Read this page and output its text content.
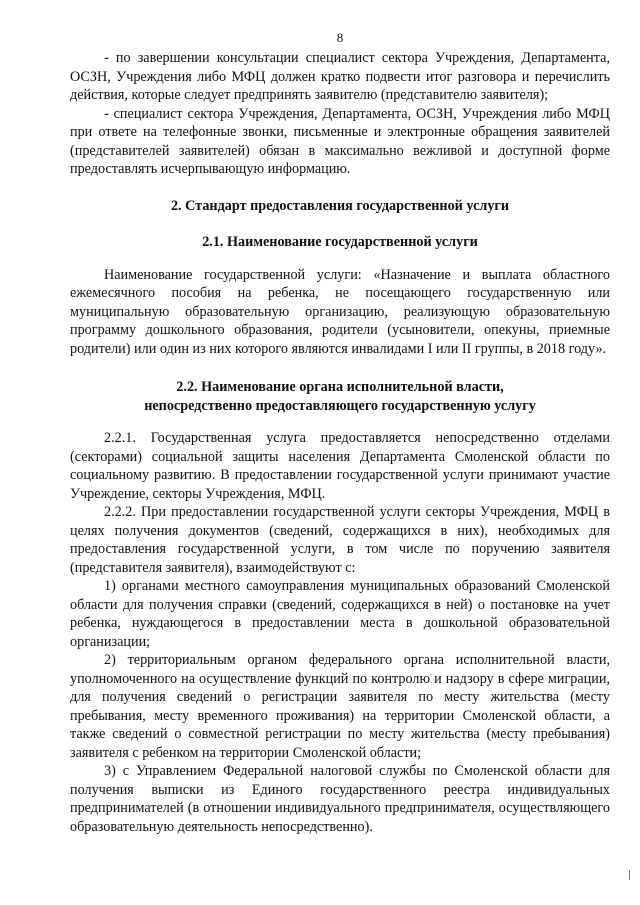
8

- по завершении консультации специалист сектора Учреждения, Департамента, ОСЗН, Учреждения либо МФЦ должен кратко подвести итог разговора и перечислить действия, которые следует предпринять заявителю (представителю заявителя);

- специалист сектора Учреждения, Департамента, ОСЗН, Учреждения либо МФЦ при ответе на телефонные звонки, письменные и электронные обращения заявителей (представителей заявителей) обязан в максимально вежливой и доступной форме предоставлять исчерпывающую информацию.

2. Стандарт предоставления государственной услуги

2.1. Наименование государственной услуги

Наименование государственной услуги: «Назначение и выплата областного ежемесячного пособия на ребенка, не посещающего государственную или муниципальную образовательную организацию, реализующую образовательную программу дошкольного образования, родители (усыновители, опекуны, приемные родители) или один из них которого являются инвалидами I или II группы, в 2018 году».

2.2. Наименование органа исполнительной власти,

непосредственно предоставляющего государственную услугу

2.2.1. Государственная услуга предоставляется непосредственно отделами (секторами) социальной защиты населения Департамента Смоленской области по социальному развитию. В предоставлении государственной услуги принимают участие Учреждение, секторы Учреждения, МФЦ.

2.2.2. При предоставлении государственной услуги секторы Учреждения, МФЦ в целях получения документов (сведений, содержащихся в них), необходимых для предоставления государственной услуги, в том числе по поручению заявителя (представителя заявителя), взаимодействуют с:

1) органами местного самоуправления муниципальных образований Смоленской области для получения справки (сведений, содержащихся в ней) о постановке на учет ребенка, нуждающегося в предоставлении места в дошкольной образовательной организации;

2) территориальным органом федерального органа исполнительной власти, уполномоченного на осуществление функций по контролю и надзору в сфере миграции, для получения сведений о регистрации заявителя по месту жительства (месту пребывания, месту временного проживания) на территории Смоленской области, а также сведений о совместной регистрации по месту жительства (месту пребывания) заявителя с ребенком на территории Смоленской области;

3) с Управлением Федеральной налоговой службы по Смоленской области для получения выписки из Единого государственного реестра индивидуальных предпринимателей (в отношении индивидуального предпринимателя, осуществляющего образовательную деятельность непосредственно).
